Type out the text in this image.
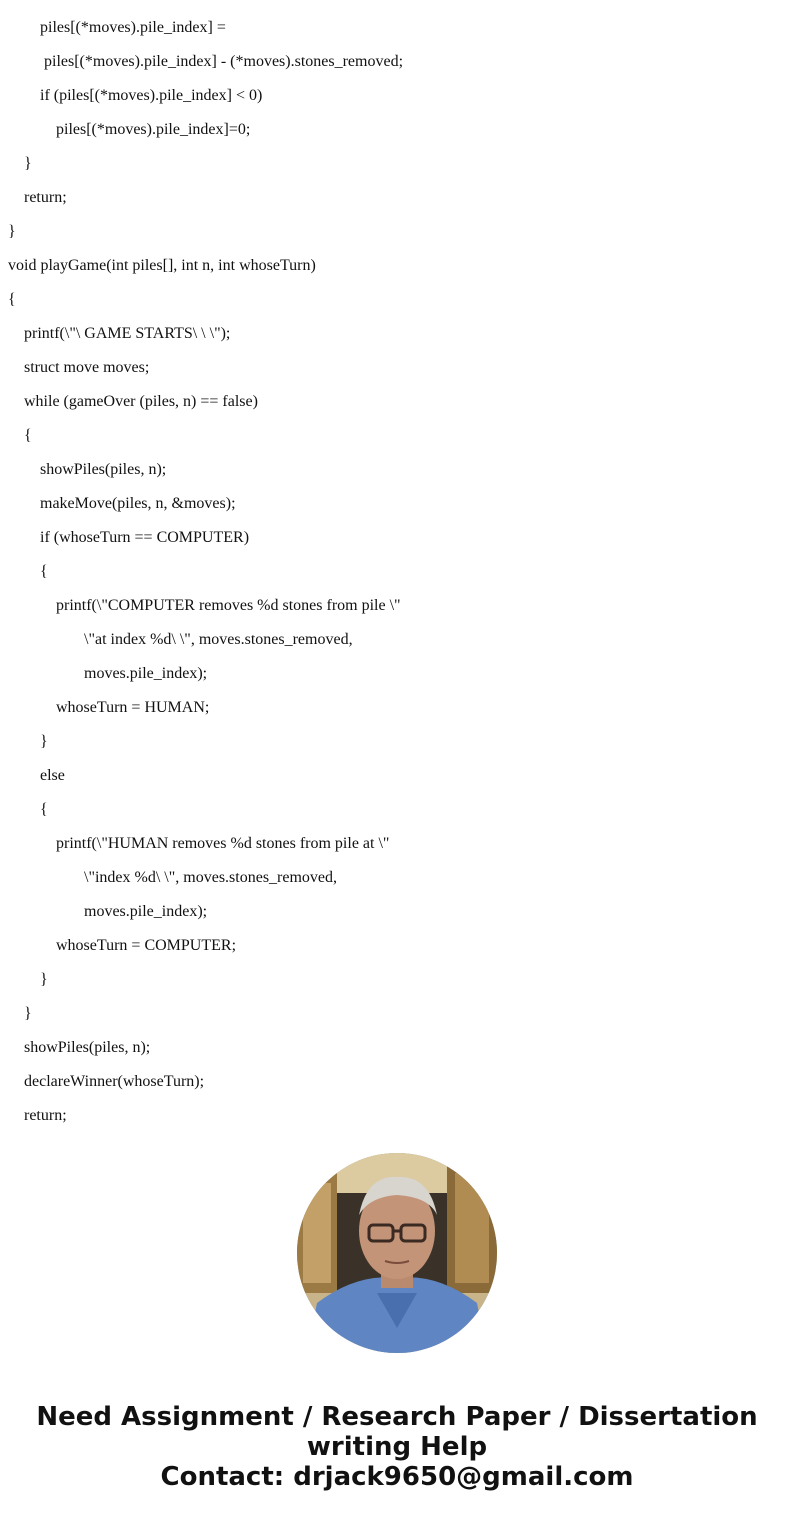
piles[(*moves).pile_index] =
piles[(*moves).pile_index] - (*moves).stones_removed;
if (piles[(*moves).pile_index] < 0)
piles[(*moves).pile_index]=0;
}
return;
}
void playGame(int piles[], int n, int whoseTurn)
{
printf(\"\ GAME STARTS\ \ \");
struct move moves;
while (gameOver (piles, n) == false)
{
showPiles(piles, n);
makeMove(piles, n, &moves);
if (whoseTurn == COMPUTER)
{
printf(\"COMPUTER removes %d stones from pile \"
\"at index %d\ \", moves.stones_removed,
moves.pile_index);
whoseTurn = HUMAN;
}
else
{
printf(\"HUMAN removes %d stones from pile at \"
\"index %d\ \", moves.stones_removed,
moves.pile_index);
whoseTurn = COMPUTER;
}
}
showPiles(piles, n);
declareWinner(whoseTurn);
return;
Need Assignment / Research Paper / Dissertation
writing Help
Contact: drjack9650@gmail.com
